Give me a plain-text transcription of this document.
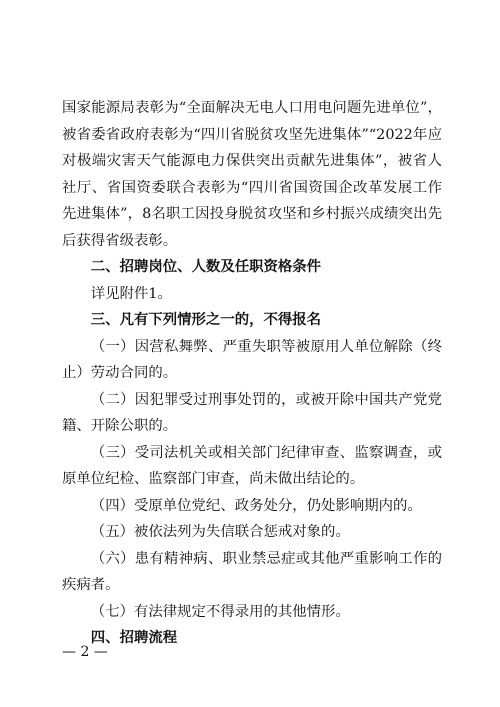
国家能源局表彰为“全面解决无电人口用电问题先进单位”，被省委省政府表彰为“四川省脱贫攻坚先进集体”“2022年应对极端灾害天气能源电力保供突出贡献先进集体”，被省人社厅、省国资委联合表彰为“四川省国资国企改革发展工作先进集体”，8名职工因投身脱贫攻坚和乡村振兴成绩突出先后获得省级表彰。

二、招聘岗位、人数及任职资格条件

详见附件1。

三、凡有下列情形之一的，不得报名

（一）因营私舞弊、严重失职等被原用人单位解除（终止）劳动合同的。

（二）因犯罪受过刑事处罚的，或被开除中国共产党党籍、开除公职的。

（三）受司法机关或相关部门纪律审查、监察调查，或原单位纪检、监察部门审查，尚未做出结论的。

（四）受原单位党纪、政务处分，仍处影响期内的。

（五）被依法列为失信联合惩戒对象的。

（六）患有精神病、职业禁忌症或其他严重影响工作的疾病者。

（七）有法律规定不得录用的其他情形。

四、招聘流程
— 2 —
